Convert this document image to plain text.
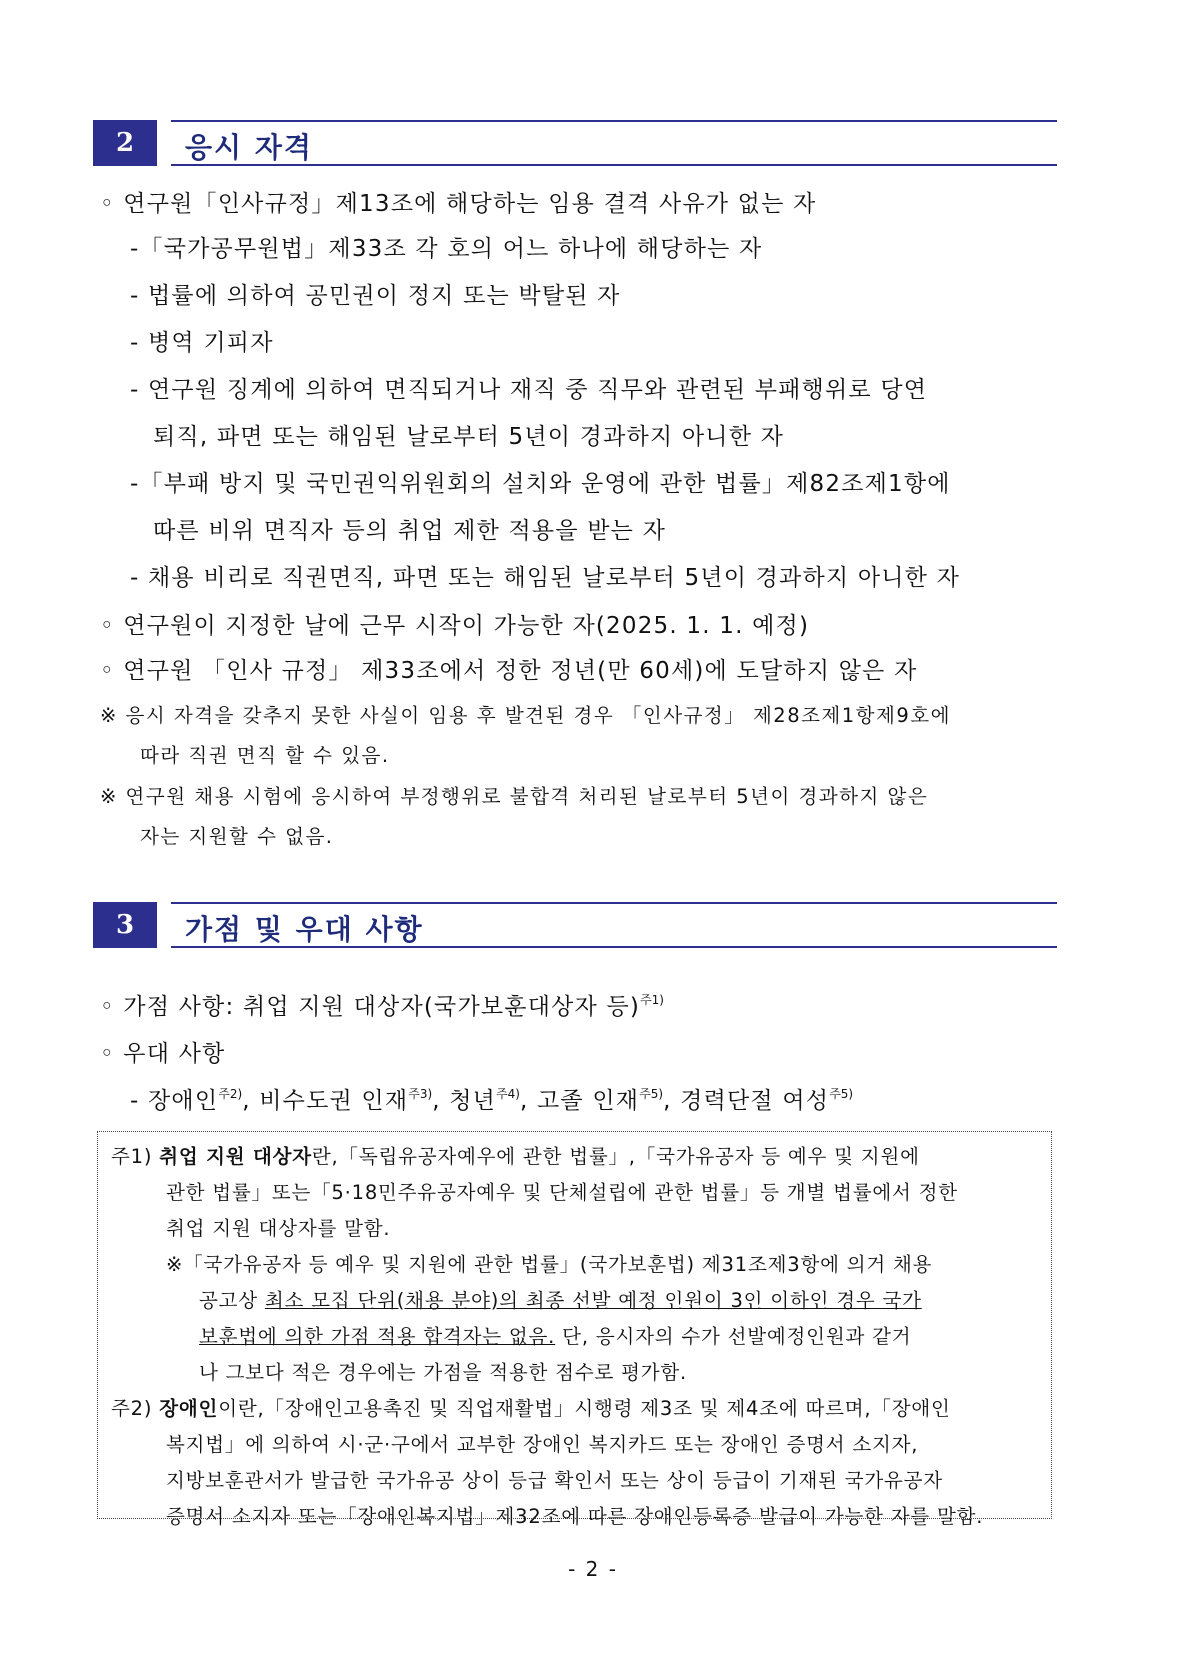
2	응시 자격
◦ 연구원「인사규정」제13조에 해당하는 임용 결격 사유가 없는 자
-「국가공무원법」제33조 각 호의 어느 하나에 해당하는 자
- 법률에 의하여 공민권이 정지 또는 박탈된 자
- 병역 기피자
- 연구원 징계에 의하여 면직되거나 재직 중 직무와 관련된 부패행위로 당연
퇴직, 파면 또는 해임된 날로부터 5년이 경과하지 아니한 자
-「부패 방지 및 국민권익위원회의 설치와 운영에 관한 법률」제82조제1항에
따른 비위 면직자 등의 취업 제한 적용을 받는 자
- 채용 비리로 직권면직, 파면 또는 해임된 날로부터 5년이 경과하지 아니한 자
◦ 연구원이 지정한 날에 근무 시작이 가능한 자(2025. 1. 1. 예정)
◦ 연구원 「인사 규정」 제33조에서 정한 정년(만 60세)에 도달하지 않은 자
※ 응시 자격을 갖추지 못한 사실이 임용 후 발견된 경우 「인사규정」 제28조제1항제9호에
따라 직권 면직 할 수 있음.
※ 연구원 채용 시험에 응시하여 부정행위로 불합격 처리된 날로부터 5년이 경과하지 않은
자는 지원할 수 없음.
3	가점 및 우대 사항
◦ 가점 사항: 취업 지원 대상자(국가보훈대상자 등)$^{주1)}$
◦ 우대 사항
- 장애인$^{주2)}$, 비수도권 인재$^{주3)}$, 청년$^{주4)}$, 고졸 인재$^{주5)}$, 경력단절 여성$^{주5)}$
주1) 취업 지원 대상자란,「독립유공자예우에 관한 법률」,「국가유공자 등 예우 및 지원에
관한 법률」또는「5·18민주유공자예우 및 단체설립에 관한 법률」등 개별 법률에서 정한
취업 지원 대상자를 말함.
※「국가유공자 등 예우 및 지원에 관한 법률」(국가보훈법) 제31조제3항에 의거 채용
공고상 최소 모집 단위(채용 분야)의 최종 선발 예정 인원이 3인 이하인 경우 국가
보훈법에 의한 가점 적용 합격자는 없음. 단, 응시자의 수가 선발예정인원과 같거
나 그보다 적은 경우에는 가점을 적용한 점수로 평가함.
주2) 장애인이란,「장애인고용촉진 및 직업재활법」시행령 제3조 및 제4조에 따르며,「장애인
복지법」에 의하여 시·군·구에서 교부한 장애인 복지카드 또는 장애인 증명서 소지자,
지방보훈관서가 발급한 국가유공 상이 등급 확인서 또는 상이 등급이 기재된 국가유공자
증명서 소지자 또는「장애인복지법」제32조에 따른 장애인등록증 발급이 가능한 자를 말함.
- 2 -
